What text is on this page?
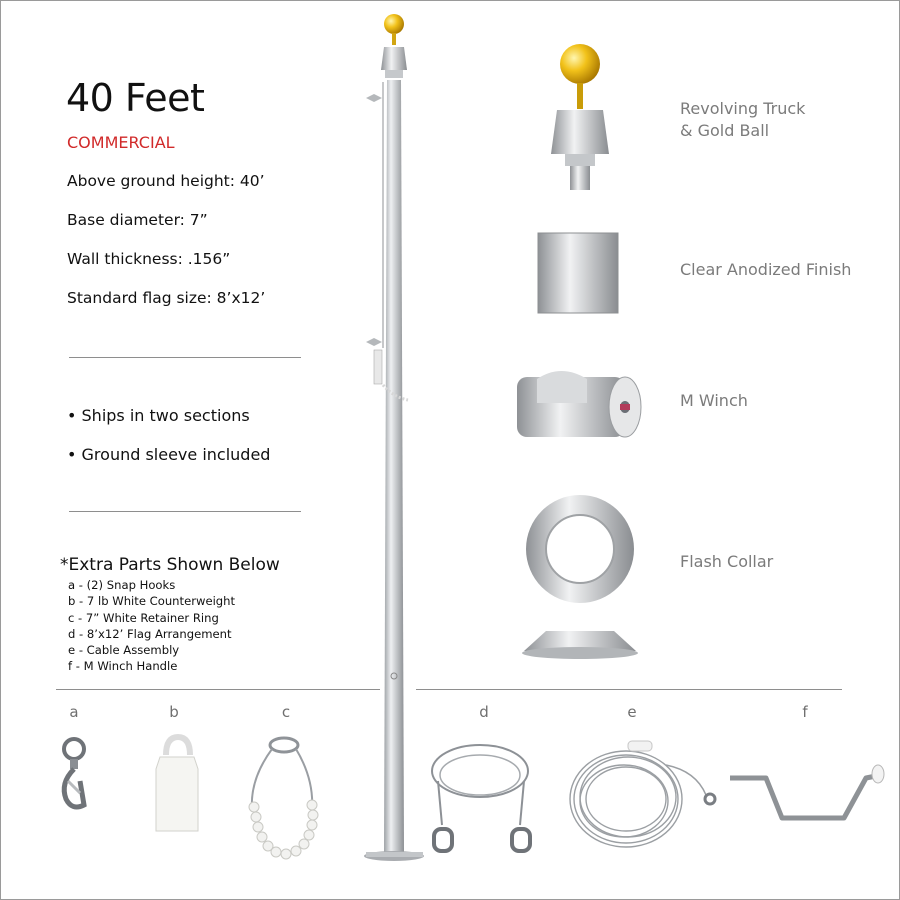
40 Feet
COMMERCIAL
Above ground height: 40’
Base diameter: 7”
Wall thickness: .156”
Standard flag size: 8’x12’
• Ships in two sections
• Ground sleeve included
*Extra Parts Shown Below
a - (2) Snap Hooks
b - 7 lb White Counterweight
c - 7” White Retainer Ring
d - 8’x12’ Flag Arrangement
e - Cable Assembly
f - M Winch Handle
Revolving Truck
& Gold Ball
Clear Anodized Finish
M Winch
Flash Collar
a	b	c	d	e	f
